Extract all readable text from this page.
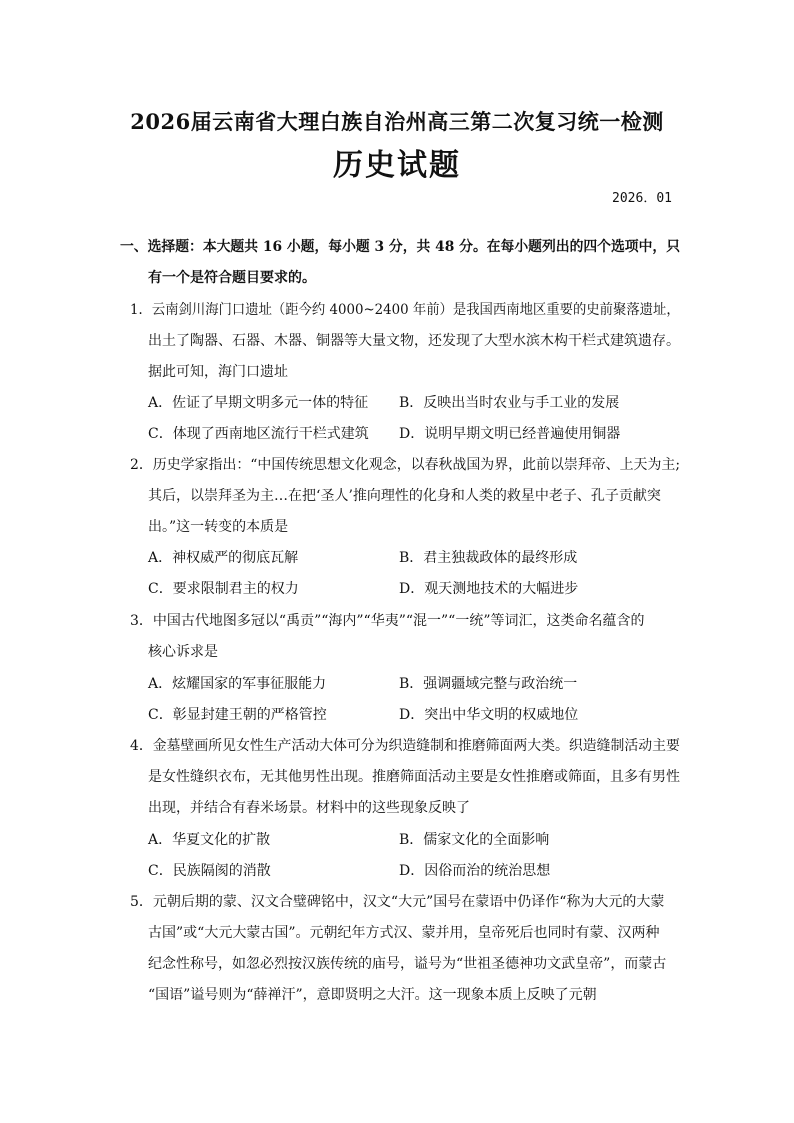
2026届云南省大理白族自治州高三第二次复习统一检测
历史试题
2026．01
一、选择题：本大题共 16 小题，每小题 3 分，共 48 分。在每小题列出的四个选项中，只
有一个是符合题目要求的。
1．云南剑川海门口遗址（距今约 4000~2400 年前）是我国西南地区重要的史前聚落遗址，
出土了陶器、石器、木器、铜器等大量文物，还发现了大型水滨木构干栏式建筑遗存。
据此可知，海门口遗址
A．佐证了早期文明多元一体的特征 B．反映出当时农业与手工业的发展
C．体现了西南地区流行干栏式建筑 D．说明早期文明已经普遍使用铜器
2．历史学家指出：“中国传统思想文化观念，以春秋战国为界，此前以崇拜帝、上天为主;
其后，以崇拜圣为主…在把‘圣人’推向理性的化身和人类的救星中老子、孔子贡献突
出。”这一转变的本质是
A．神权威严的彻底瓦解	B．君主独裁政体的最终形成
C．要求限制君主的权力	D．观天测地技术的大幅进步
3．中国古代地图多冠以“禹贡”“海内”“华夷”“混一”“一统”等词汇，这类命名蕴含的
核心诉求是
A．炫耀国家的军事征服能力	B．强调疆域完整与政治统一
C．彰显封建王朝的严格管控	D．突出中华文明的权威地位
4．金墓壁画所见女性生产活动大体可分为织造缝制和推磨筛面两大类。织造缝制活动主要
是女性缝织衣布，无其他男性出现。推磨筛面活动主要是女性推磨或筛面，且多有男性
出现，并结合有舂米场景。材料中的这些现象反映了
A．华夏文化的扩散	B．儒家文化的全面影响
C．民族隔阂的消散	D．因俗而治的统治思想
5．元朝后期的蒙、汉文合璧碑铭中，汉文“大元”国号在蒙语中仍译作“称为大元的大蒙
古国”或“大元大蒙古国”。元朝纪年方式汉、蒙并用，皇帝死后也同时有蒙、汉两种
纪念性称号，如忽必烈按汉族传统的庙号，谥号为“世祖圣德神功文武皇帝”，而蒙古
“国语”谥号则为“薛禅汗”，意即贤明之大汗。这一现象本质上反映了元朝
